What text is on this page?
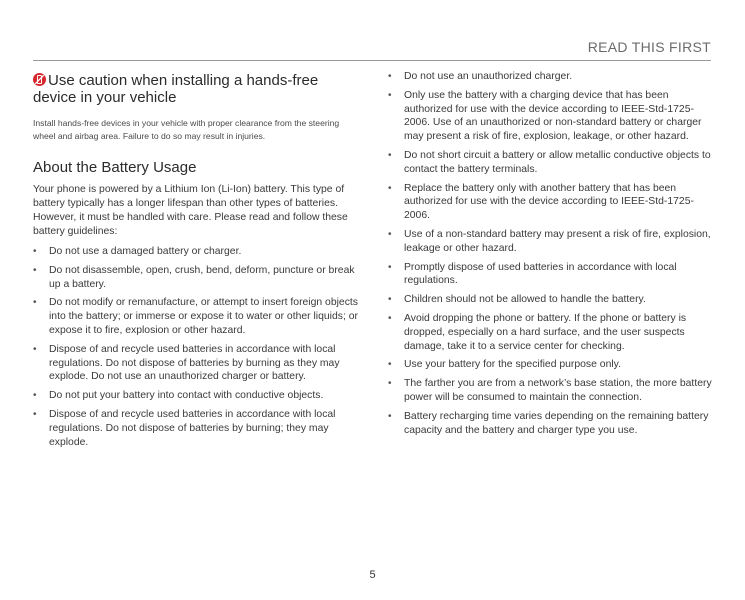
READ THIS FIRST
Use caution when installing a hands-free device in your vehicle

Install hands-free devices in your vehicle with proper clearance from the steering wheel and airbag area. Failure to do so may result in injuries.

About the Battery Usage

Your phone is powered by a Lithium Ion (Li-Ion) battery. This type of battery typically has a longer lifespan than other types of batteries. However, it must be handled with care. Please read and follow these battery guidelines:

• Do not use a damaged battery or charger.
• Do not disassemble, open, crush, bend, deform, puncture or break up a battery.
• Do not modify or remanufacture, or attempt to insert foreign objects into the battery; or immerse or expose it to water or other liquids; or expose it to fire, explosion or other hazard.
• Dispose of and recycle used batteries in accordance with local regulations. Do not dispose of batteries by burning as they may explode. Do not use an unauthorized charger or battery.
• Do not put your battery into contact with conductive objects.
• Dispose of and recycle used batteries in accordance with local regulations. Do not dispose of batteries by burning; they may explode.
• Do not use an unauthorized charger.
• Only use the battery with a charging device that has been authorized for use with the device according to IEEE-Std-1725-2006. Use of an unauthorized or non-standard battery or charger may present a risk of fire, explosion, leakage, or other hazard.
• Do not short circuit a battery or allow metallic conductive objects to contact the battery terminals.
• Replace the battery only with another battery that has been authorized for use with the device according to IEEE-Std-1725-2006.
• Use of a non-standard battery may present a risk of fire, explosion, leakage or other hazard.
• Promptly dispose of used batteries in accordance with local regulations.
• Children should not be allowed to handle the battery.
• Avoid dropping the phone or battery. If the phone or battery is dropped, especially on a hard surface, and the user suspects damage, take it to a service center for checking.
• Use your battery for the specified purpose only.
• The farther you are from a network’s base station, the more battery power will be consumed to maintain the connection.
• Battery recharging time varies depending on the remaining battery capacity and the battery and charger type you use.
5
